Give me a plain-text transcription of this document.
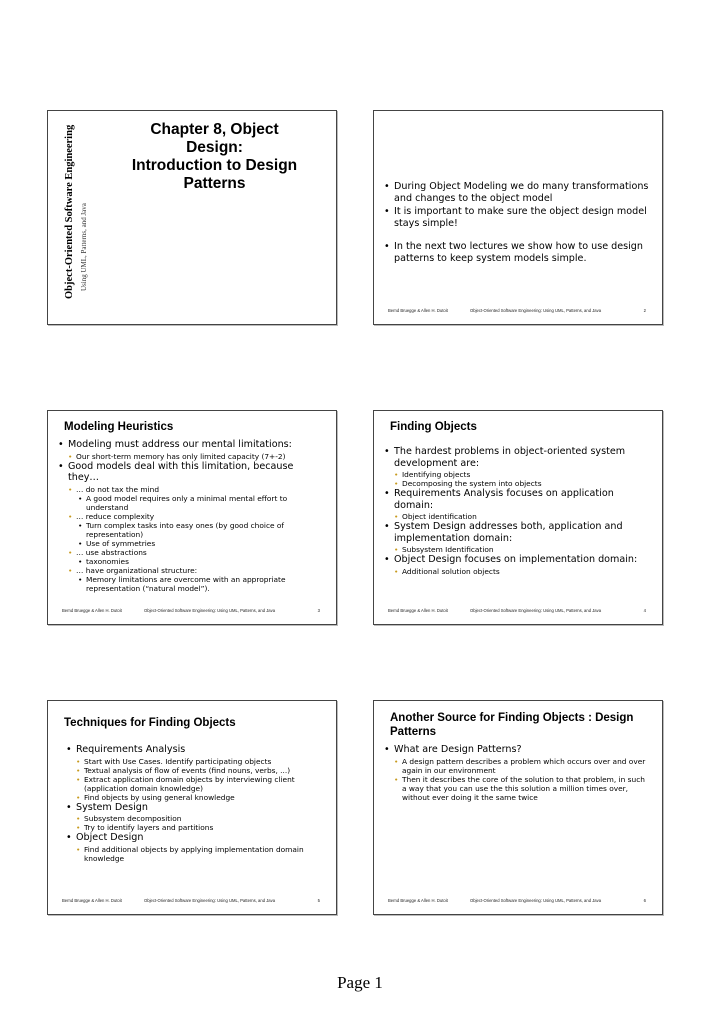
Object-Oriented Software Engineering Using UML, Patterns, and Java
Chapter 8, Object
Design:
Introduction to Design
Patterns
•	During Object Modeling we do many transformations and changes to the object model
• It is important to make sure the object design model stays simple!
• In the next two lectures we show how to use design patterns to keep system models simple.
Bernd Bruegge & Allen H. Dutoit	Object-Oriented Software Engineering: Using UML, Patterns, and Java	2
Modeling Heuristics
• Modeling must address our mental limitations:
• Our short-term memory has only limited capacity (7+-2)
• Good models deal with this limitation, because they…
• … do not tax the mind
• A good model requires only a minimal mental effort to understand
• … reduce complexity
• Turn complex tasks into easy ones (by good choice of representation)
• Use of symmetries
• … use abstractions
• taxonomies
• … have organizational structure:
• Memory limitations are overcome with an appropriate representation (“natural model”).
Bernd Bruegge & Allen H. Dutoit	Object-Oriented Software Engineering: Using UML, Patterns, and Java	3
Finding Objects
• The hardest problems in object-oriented system development are:
• Identifying objects
• Decomposing the system into objects
• Requirements Analysis focuses on application domain:
• Object identification
• System Design addresses both, application and implementation domain:
• Subsystem Identification
• Object Design focuses on implementation domain:
• Additional solution objects
Bernd Bruegge & Allen H. Dutoit	Object-Oriented Software Engineering: Using UML, Patterns, and Java	4
Techniques for Finding Objects
• Requirements Analysis
• Start with Use Cases. Identify participating objects
• Textual analysis of flow of events (find nouns, verbs, ...)
• Extract application domain objects by interviewing client (application domain knowledge)
• Find objects by using general knowledge
• System Design
• Subsystem decomposition
• Try to identify layers and partitions
• Object Design
• Find additional objects by applying implementation domain knowledge
Bernd Bruegge & Allen H. Dutoit	Object-Oriented Software Engineering: Using UML, Patterns, and Java	5
Another Source for Finding Objects : Design Patterns
• What are Design Patterns?
• A design pattern describes a problem which occurs over and over again in our environment
• Then it describes the core of the solution to that problem, in such a way that you can use the this solution a million times over, without ever doing it the same twice
Bernd Bruegge & Allen H. Dutoit	Object-Oriented Software Engineering: Using UML, Patterns, and Java	6
Page 1
